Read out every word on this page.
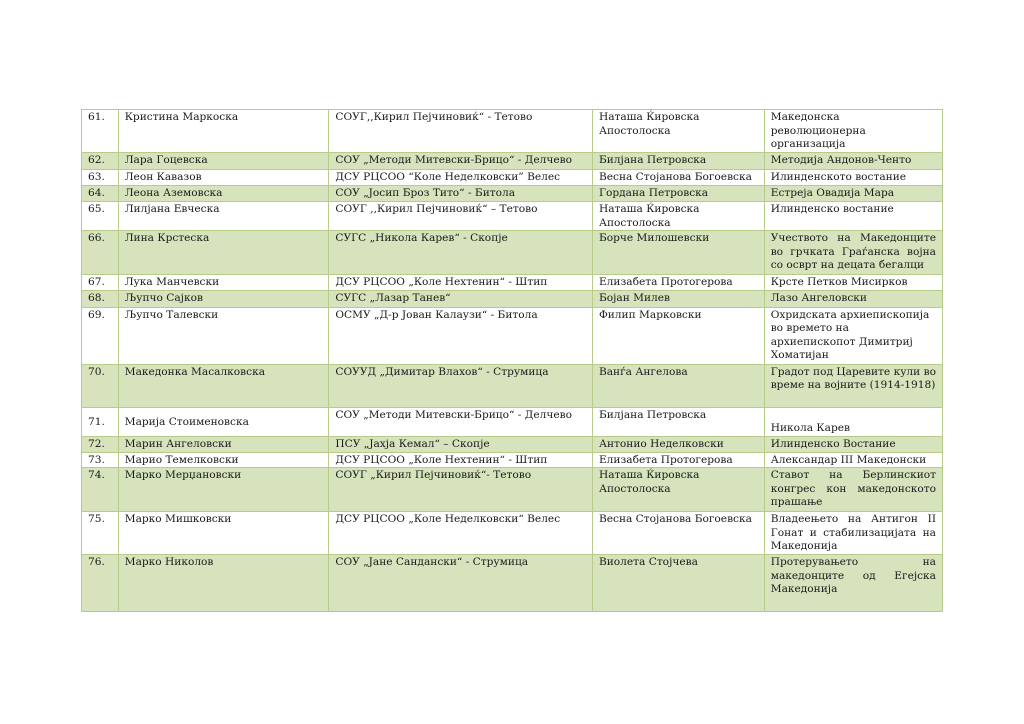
61.	Кристина Маркоска	СОУГ,,Кирил Пејчиновиќ“ - Тетово	Наташа Ќировска Апостолоска	Македонска революционерна организација
62.	Лара Гоцевска	СОУ „Методи Митевски-Брицо“ - Делчево	Билјана Петровска	Методија Андонов-Ченто
63.	Леон Кавазов	ДСУ РЦСОО “Коле Неделковски” Велес	Весна Стојанова Богоевска	Илинденското востание
64.	Леона Аземовска	СОУ „Јосип Броз Тито“ - Битола	Гордана Петровска	Естреја Овадија Мара
65.	Лилјана Евческа	СОУГ ,,Кирил Пејчиновиќ“ – Тетово	Наташа Ќировска Апостолоска	Илинденско востание
66.	Лина Крстеска	СУГС „Никола Карев“ - Скопје	Борче Милошевски	Учеството на Македонците во грчката Граѓанска војна со осврт на децата бегалци
67.	Лука Манчевски	ДСУ РЦСОО „Коле Нехтенин“ - Штип	Елизабета Протогерова	Крсте Петков Мисирков
68.	Љупчо Сајков	СУГС „Лазар Танев“	Бојан Милев	Лазо Ангеловски
69.	Љупчо Талевски	ОСМУ „Д-р Јован Калаузи“ - Битола	Филип Марковски	Охридската архиепископија во времето на архиепископот Димитриј Хоматијан
70.	Македонка Масалковска	СОУУД „Димитар Влахов“ - Струмица	Ванѓа Ангелова	Градот под Царевите кули во време на војните (1914-1918)
71.	Марија Стоименовска	СОУ „Методи Митевски-Брицо“ - Делчево	Билјана Петровска	Никола Карев
72.	Марин Ангеловски	ПСУ „Јахја Кемал“ – Скопје	Антонио Неделковски	Илинденско Востание
73.	Марио Темелковски	ДСУ РЦСОО „Коле Нехтенин“ - Штип	Елизабета Протогерова	Александар III Македонски
74.	Марко Мерџановски	СОУГ „Кирил Пејчиновиќ“- Тетово	Наташа Ќировска Апостолоска	Ставот на Берлинскиот конгрес кон македонското прашање
75.	Марко Мишковски	ДСУ РЦСОО „Коле Неделковски“ Велес	Весна Стојанова Богоевска	Владеењето на Антигон II Гонат и стабилизацијата на Македонија
76.	Марко Николов	СОУ „Јане Сандански“ - Струмица	Виолета Стојчева	Протерувањето на македонците од Егејска Македонија
